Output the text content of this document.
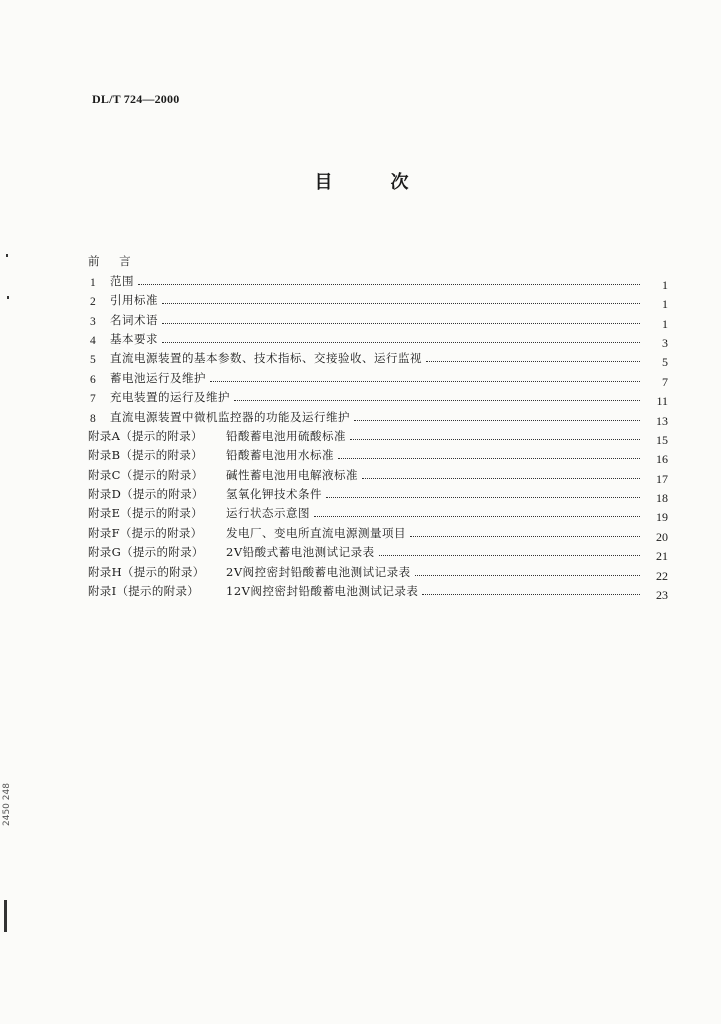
DL/T 724—2000
目次
前 言
1	范围	1
2	引用标准	1
3	名词术语	1
4	基本要求	3
5	直流电源装置的基本参数、技术指标、交接验收、运行监视	5
6	蓄电池运行及维护	7
7	充电装置的运行及维护	11
8	直流电源装置中微机监控器的功能及运行维护	13
附录A（提示的附录）	铅酸蓄电池用硫酸标准	15
附录B（提示的附录）	铅酸蓄电池用水标准	16
附录C（提示的附录）	碱性蓄电池用电解液标准	17
附录D（提示的附录）	氢氧化钾技术条件	18
附录E（提示的附录）	运行状态示意图	19
附录F（提示的附录）	发电厂、变电所直流电源测量项目	20
附录G（提示的附录）	2V铅酸式蓄电池测试记录表	21
附录H（提示的附录）	2V阀控密封铅酸蓄电池测试记录表	22
附录I（提示的附录）	12V阀控密封铅酸蓄电池测试记录表	23
2450 248
